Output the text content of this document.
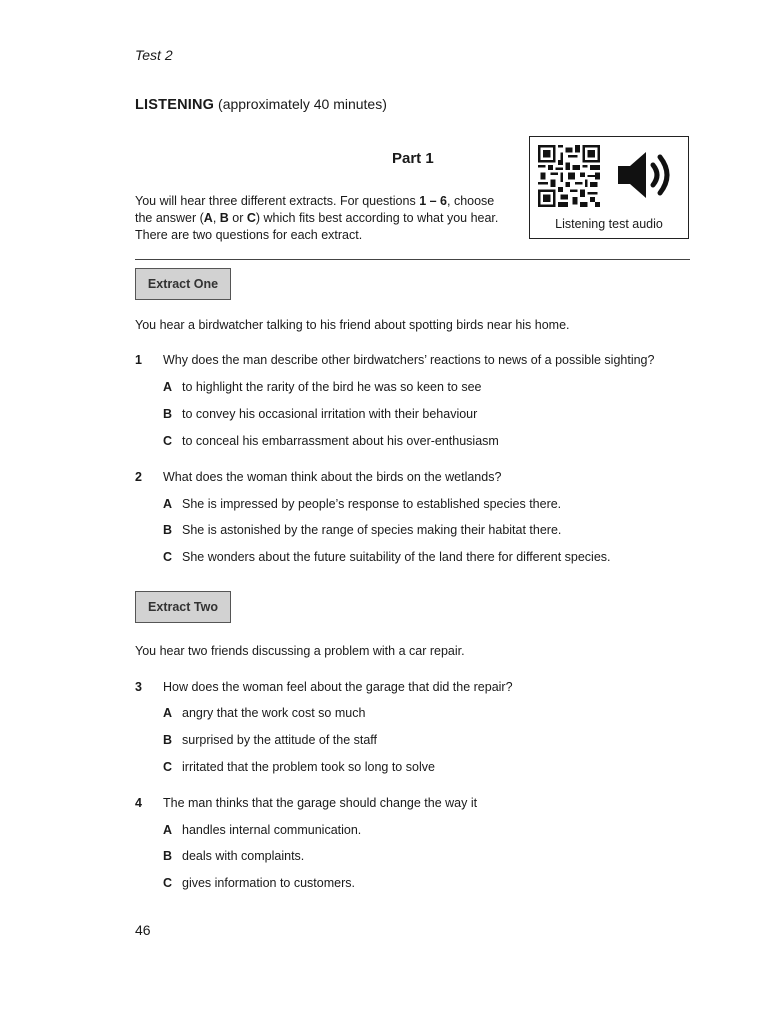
Test 2
LISTENING (approximately 40 minutes)
Part 1
You will hear three different extracts. For questions 1 – 6, choose the answer (A, B or C) which fits best according to what you hear. There are two questions for each extract.
Listening test audio
Extract One
You hear a birdwatcher talking to his friend about spotting birds near his home.
1 Why does the man describe other birdwatchers’ reactions to news of a possible sighting?
A to highlight the rarity of the bird he was so keen to see
B to convey his occasional irritation with their behaviour
C to conceal his embarrassment about his over-enthusiasm
2 What does the woman think about the birds on the wetlands?
A She is impressed by people’s response to established species there.
B She is astonished by the range of species making their habitat there.
C She wonders about the future suitability of the land there for different species.
Extract Two
You hear two friends discussing a problem with a car repair.
3 How does the woman feel about the garage that did the repair?
A angry that the work cost so much
B surprised by the attitude of the staff
C irritated that the problem took so long to solve
4 The man thinks that the garage should change the way it
A handles internal communication.
B deals with complaints.
C gives information to customers.
46
